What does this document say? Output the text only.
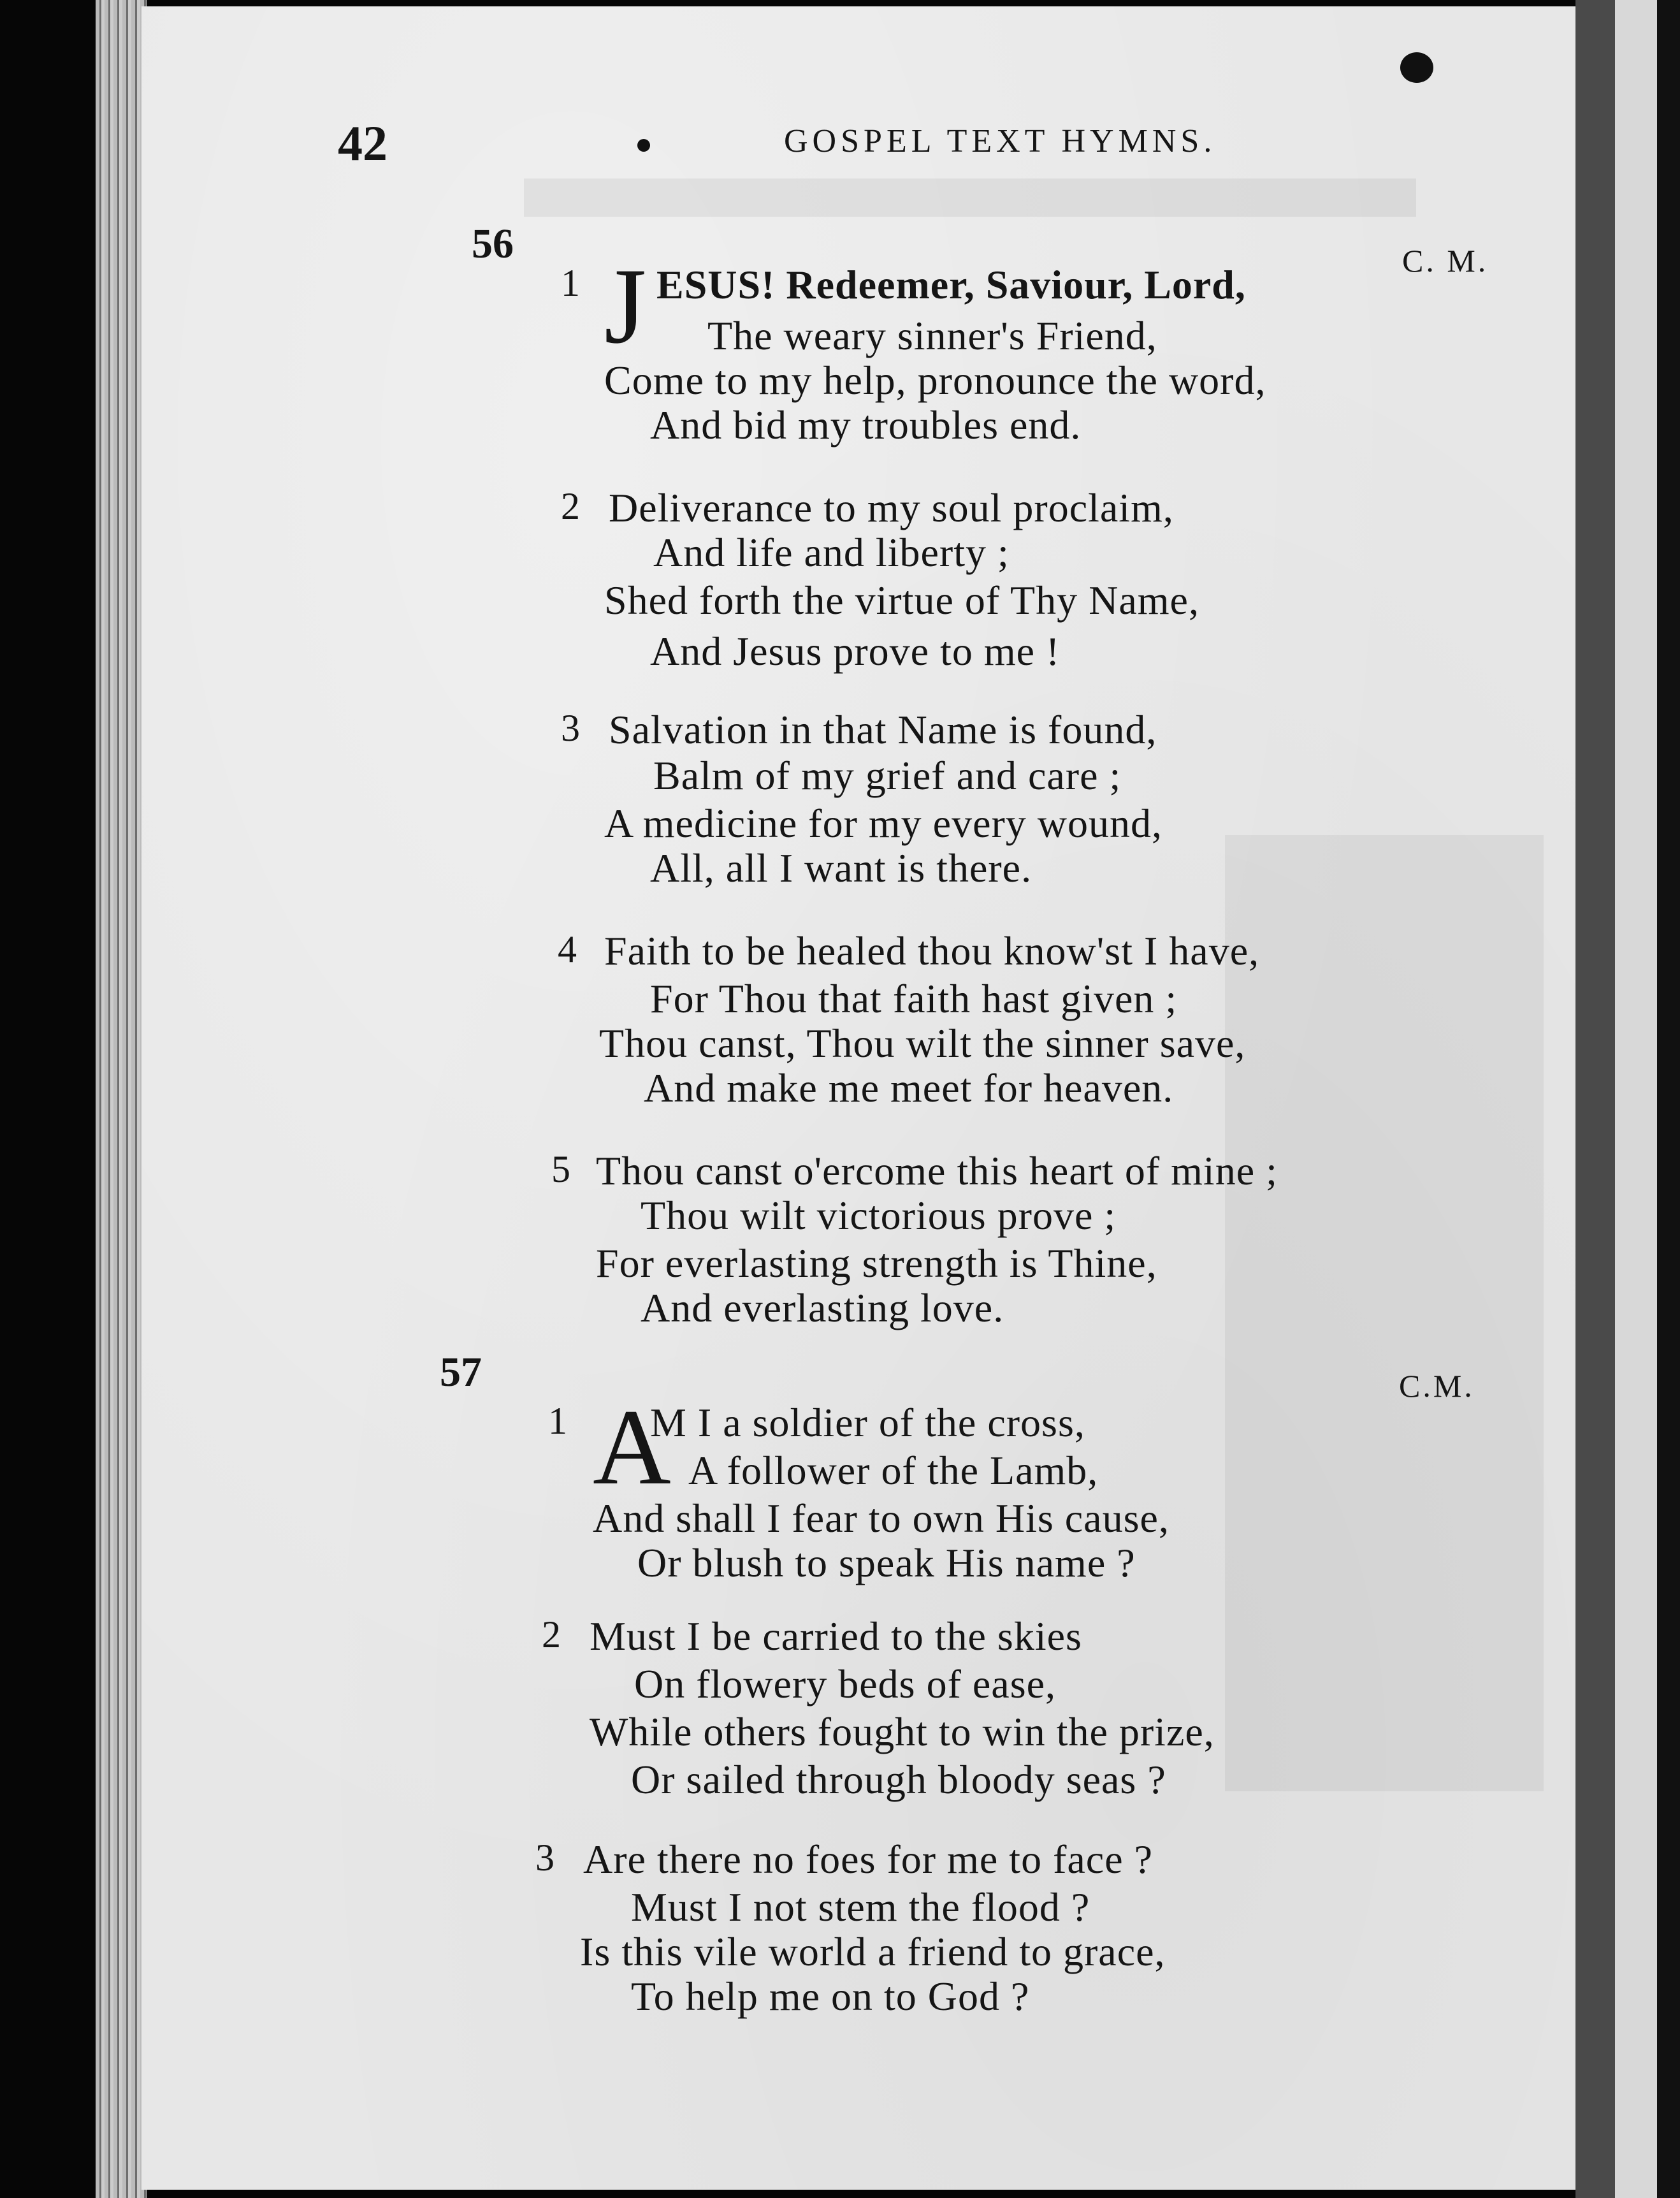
42	GOSPEL TEXT HYMNS.
56	C. M.
1 J ESUS! Redeemer, Saviour, Lord,
The weary sinner's Friend,
Come to my help, pronounce the word,
And bid my troubles end.
2 Deliverance to my soul proclaim,
And life and liberty ;
Shed forth the virtue of Thy Name,
And Jesus prove to me !
3 Salvation in that Name is found,
Balm of my grief and care ;
A medicine for my every wound,
All, all I want is there.
4 Faith to be healed thou know'st I have,
For Thou that faith hast given ;
Thou canst, Thou wilt the sinner save,
And make me meet for heaven.
5 Thou canst o'ercome this heart of mine ;
Thou wilt victorious prove ;
For everlasting strength is Thine,
And everlasting love.
57	C.M.
1 A
M I a soldier of the cross,
A follower of the Lamb,
And shall I fear to own His cause,
Or blush to speak His name ?
2 Must I be carried to the skies
On flowery beds of ease,
While others fought to win the prize,
Or sailed through bloody seas ?
3 Are there no foes for me to face ?
Must I not stem the flood ?
Is this vile world a friend to grace,
To help me on to God ?
